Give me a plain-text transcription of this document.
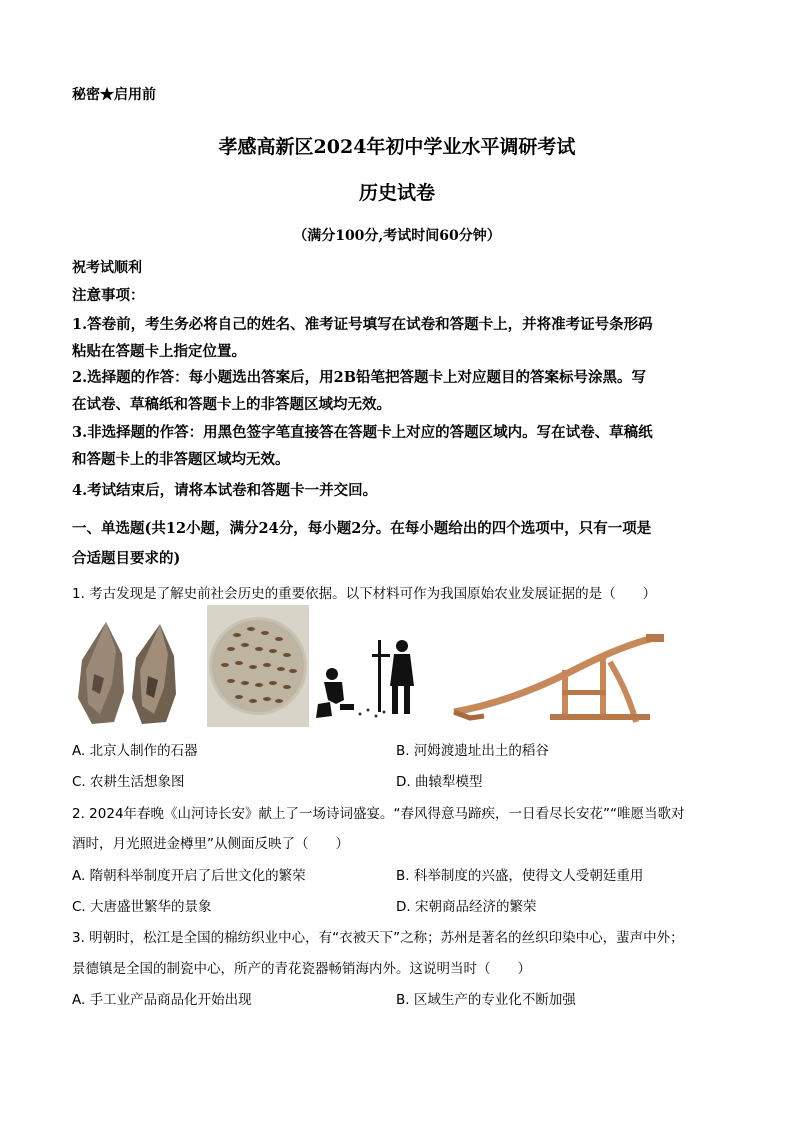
秘密★启用前
孝感高新区2024年初中学业水平调研考试
历史试卷
（满分100分,考试时间60分钟）
祝考试顺利
注意事项：
1.答卷前，考生务必将自己的姓名、准考证号填写在试卷和答题卡上，并将准考证号条形码
粘贴在答题卡上指定位置。
2.选择题的作答：每小题选出答案后，用2B铅笔把答题卡上对应题目的答案标号涂黑。写
在试卷、草稿纸和答题卡上的非答题区域均无效。
3.非选择题的作答：用黑色签字笔直接答在答题卡上对应的答题区域内。写在试卷、草稿纸
和答题卡上的非答题区域均无效。
4.考试结束后，请将本试卷和答题卡一并交回。
一、单选题(共12小题，满分24分，每小题2分。在每小题给出的四个选项中，只有一项是
合适题目要求的)
1. 考古发现是了解史前社会历史的重要依据。以下材料可作为我国原始农业发展证据的是（　　）
A. 北京人制作的石器	B. 河姆渡遗址出土的稻谷
C. 农耕生活想象图	D. 曲辕犁模型
2. 2024年春晚《山河诗长安》献上了一场诗词盛宴。“春风得意马蹄疾，一日看尽长安花”“唯愿当歌对
酒时，月光照进金樽里”从侧面反映了（　　）
A. 隋朝科举制度开启了后世文化的繁荣	B. 科举制度的兴盛，使得文人受朝廷重用
C. 大唐盛世繁华的景象	D. 宋朝商品经济的繁荣
3. 明朝时，松江是全国的棉纺织业中心，有“衣被天下”之称；苏州是著名的丝织印染中心，蜚声中外；
景德镇是全国的制瓷中心，所产的青花瓷器畅销海内外。这说明当时（　　）
A. 手工业产品商品化开始出现	B. 区域生产的专业化不断加强
